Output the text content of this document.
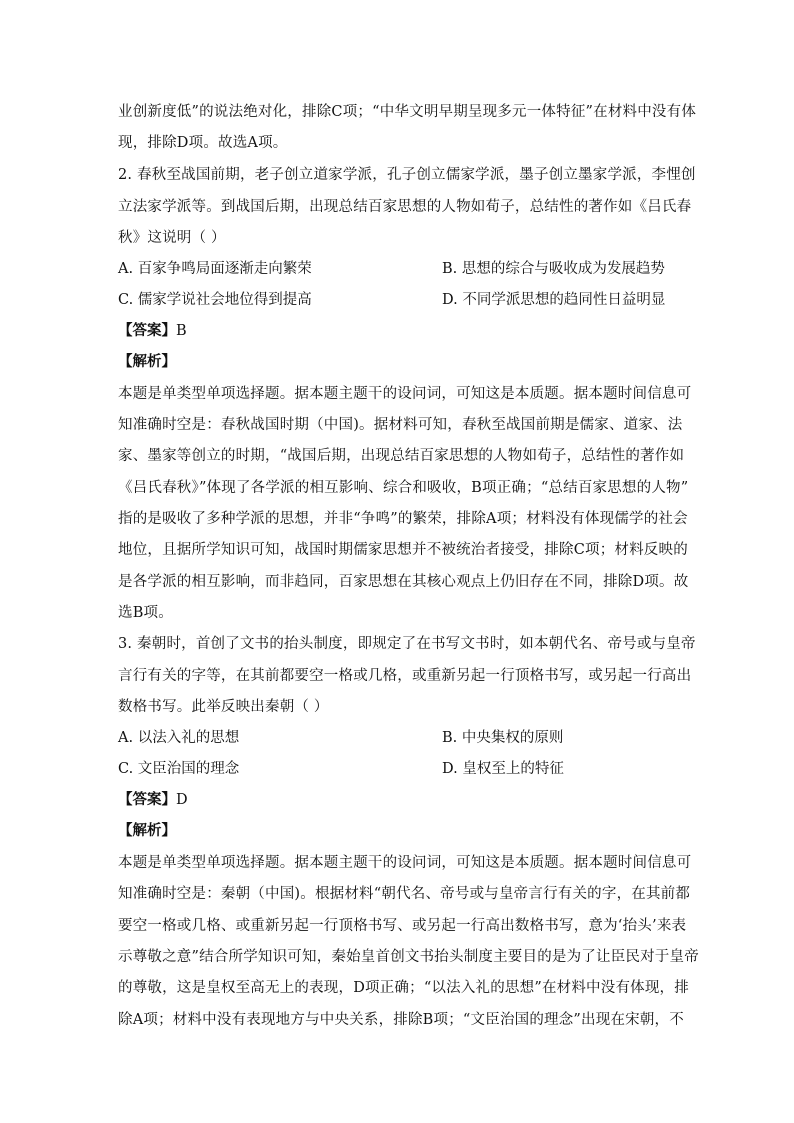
业创新度低”的说法绝对化，排除C项；“中华文明早期呈现多元一体特征”在材料中没有体
现，排除D项。故选A项。
2. 春秋至战国前期，老子创立道家学派，孔子创立儒家学派，墨子创立墨家学派，李悝创
立法家学派等。到战国后期，出现总结百家思想的人物如荀子，总结性的著作如《吕氏春
秋》这说明（ ）
A. 百家争鸣局面逐渐走向繁荣	B. 思想的综合与吸收成为发展趋势
C. 儒家学说社会地位得到提高	D. 不同学派思想的趋同性日益明显
【答案】B
【解析】
本题是单类型单项选择题。据本题主题干的设问词，可知这是本质题。据本题时间信息可
知准确时空是：春秋战国时期（中国)。据材料可知，春秋至战国前期是儒家、道家、法
家、墨家等创立的时期，“战国后期，出现总结百家思想的人物如荀子，总结性的著作如
《吕氏春秋》”体现了各学派的相互影响、综合和吸收，B项正确；“总结百家思想的人物”
指的是吸收了多种学派的思想，并非“争鸣”的繁荣，排除A项；材料没有体现儒学的社会
地位，且据所学知识可知，战国时期儒家思想并不被统治者接受，排除C项；材料反映的
是各学派的相互影响，而非趋同，百家思想在其核心观点上仍旧存在不同，排除D项。故
选B项。
3. 秦朝时，首创了文书的抬头制度，即规定了在书写文书时，如本朝代名、帝号或与皇帝
言行有关的字等，在其前都要空一格或几格，或重新另起一行顶格书写，或另起一行高出
数格书写。此举反映出秦朝（ ）
A. 以法入礼的思想	B. 中央集权的原则
C. 文臣治国的理念	D. 皇权至上的特征
【答案】D
【解析】
本题是单类型单项选择题。据本题主题干的设问词，可知这是本质题。据本题时间信息可
知准确时空是：秦朝（中国)。根据材料“朝代名、帝号或与皇帝言行有关的字，在其前都
要空一格或几格、或重新另起一行顶格书写、或另起一行高出数格书写，意为‘抬头’来表
示尊敬之意”结合所学知识可知，秦始皇首创文书抬头制度主要目的是为了让臣民对于皇帝
的尊敬，这是皇权至高无上的表现，D项正确；“以法入礼的思想”在材料中没有体现，排
除A项；材料中没有表现地方与中央关系，排除B项；“文臣治国的理念”出现在宋朝，不
